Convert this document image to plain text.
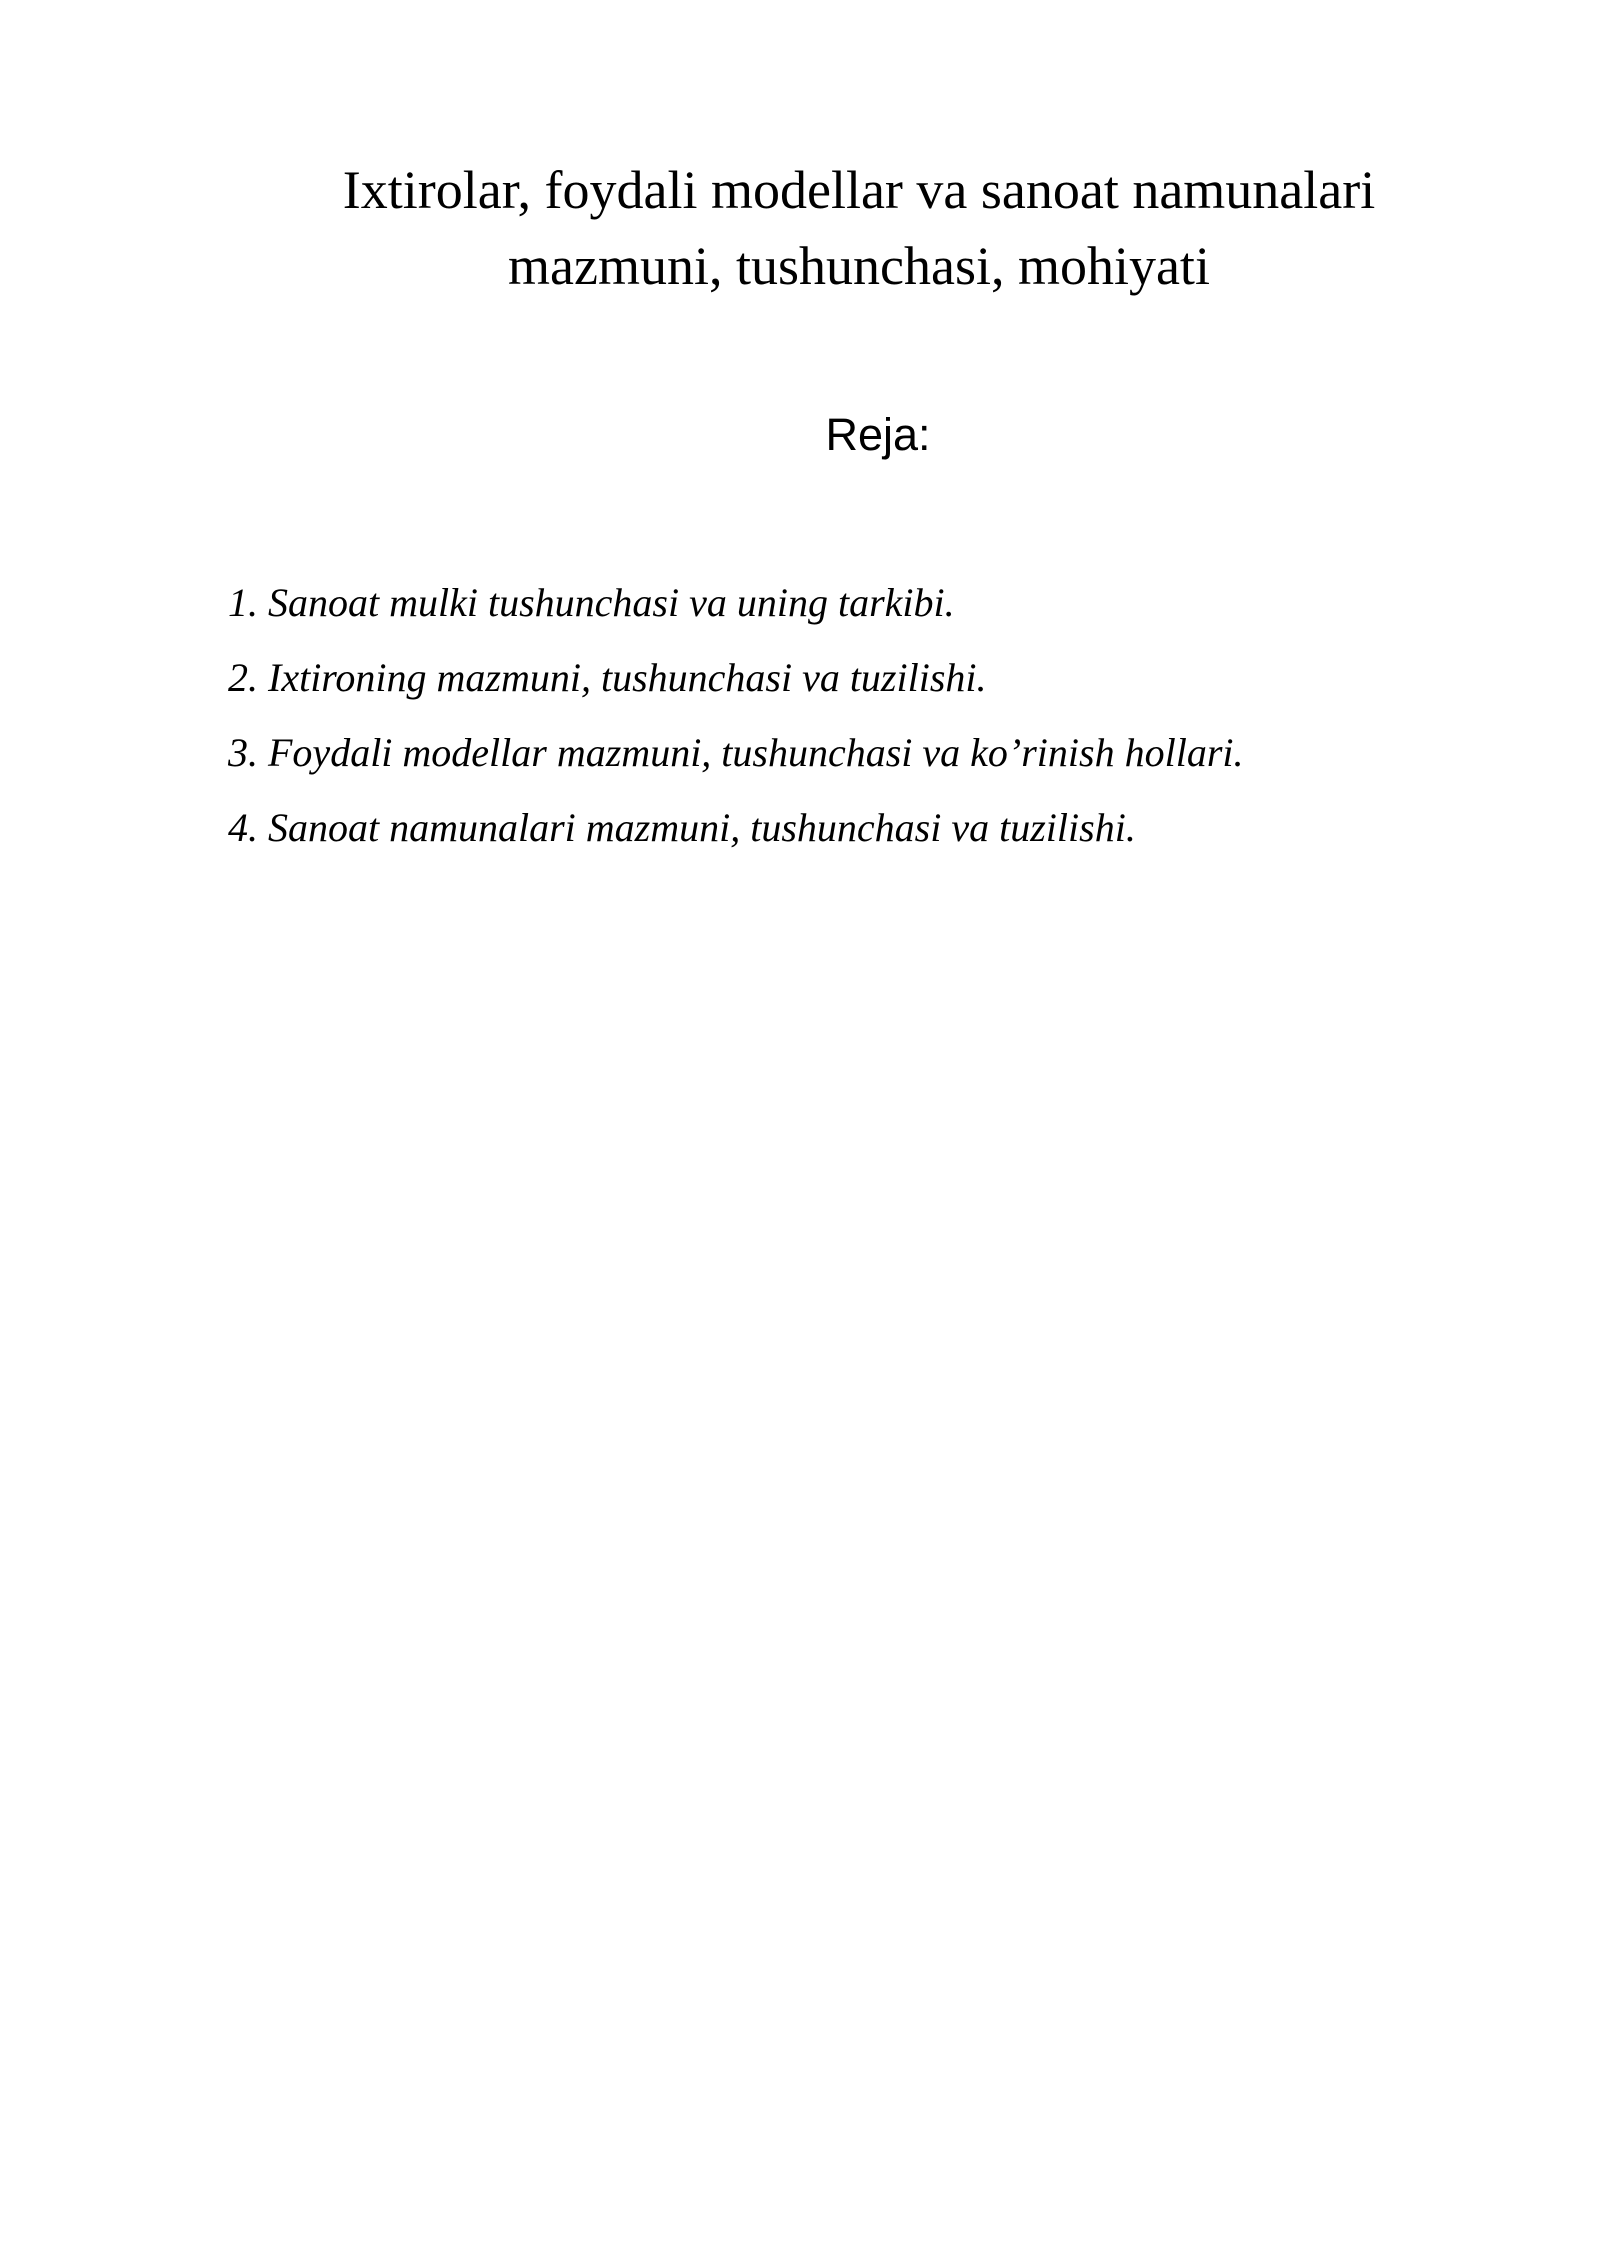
Ixtirolar, foydali modellar va sanoat namunalari
mazmuni, tushunchasi, mohiyati

Reja:

1. Sanoat mulki tushunchasi va uning tarkibi.
2. Ixtironing mazmuni, tushunchasi va tuzilishi.
3. Foydali modellar mazmuni, tushunchasi va ko’rinish hollari.
4. Sanoat namunalari mazmuni, tushunchasi va tuzilishi.
